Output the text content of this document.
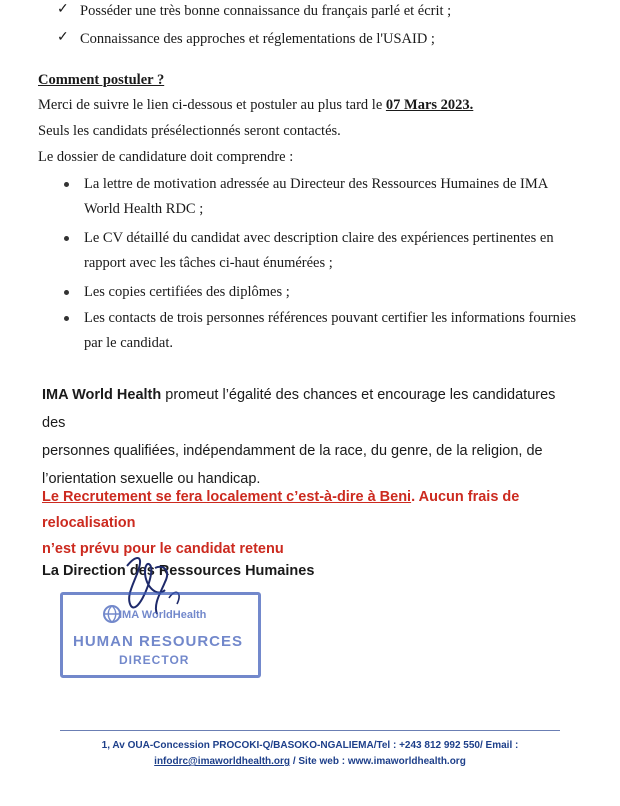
✓ Posséder une très bonne connaissance du français parlé et écrit ;
✓ Connaissance des approches et réglementations de l'USAID ;
Comment postuler ?
Merci de suivre le lien ci-dessous et postuler au plus tard le 07 Mars 2023.
Seuls les candidats présélectionnés seront contactés.
Le dossier de candidature doit comprendre :
La lettre de motivation adressée au Directeur des Ressources Humaines de IMA
World Health RDC ;
Le CV détaillé du candidat avec description claire des expériences pertinentes en
rapport avec les tâches ci-haut énumérées ;
Les copies certifiées des diplômes ;
Les contacts de trois personnes références pouvant certifier les informations fournies
par le candidat.
IMA World Health promeut l’égalité des chances et encourage les candidatures des
personnes qualifiées, indépendamment de la race, du genre, de la religion, de
l’orientation sexuelle ou handicap.
Le Recrutement se fera localement c’est-à-dire à Beni. Aucun frais de relocalisation
n’est prévu pour le candidat retenu
La Direction des Ressources Humaines
IMA WorldHealth
HUMAN RESOURCES
DIRECTOR
1, Av OUA-Concession PROCOKI-Q/BASOKO-NGALIEMA/Tel : +243 812 992 550/ Email :
infodrc@imaworldhealth.org / Site web : www.imaworldhealth.org
